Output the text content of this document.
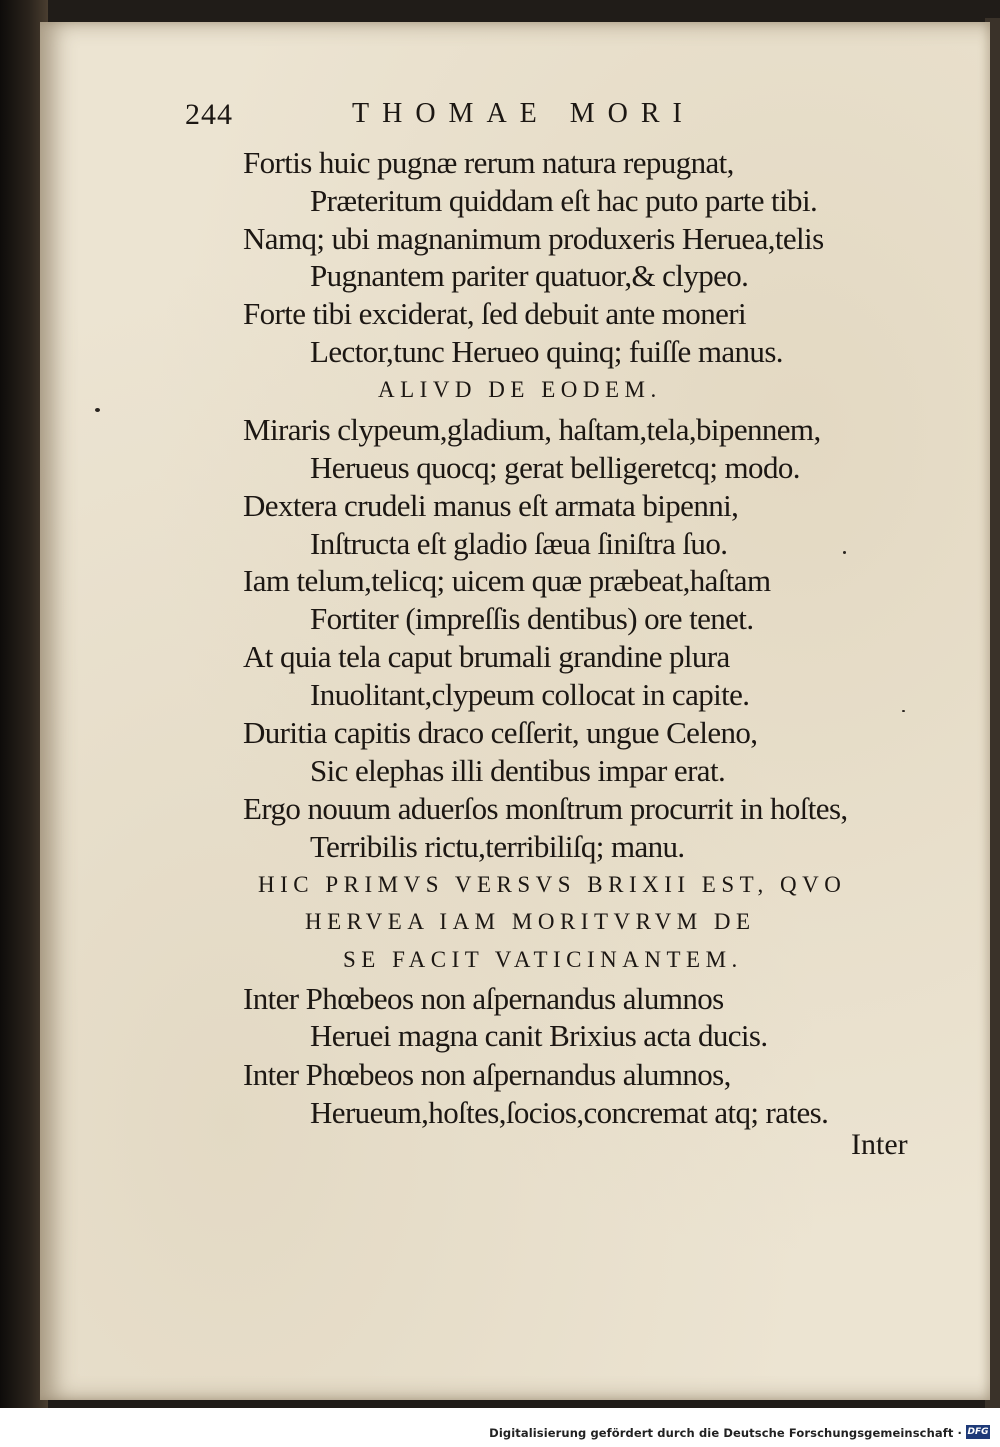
244	THOMAE MORI
Fortis huic pugnæ rerum natura repugnat,
Præteritum quiddam eſt hac puto parte tibi.
Namq; ubi magnanimum produxeris Heruea,telis
Pugnantem pariter quatuor,& clypeo.
Forte tibi exciderat, ſed debuit ante moneri
Lector,tunc Herueo quinq; fuiſſe manus.
ALIVD DE EODEM.
Miraris clypeum,gladium, haſtam,tela,bipennem,
Herueus quocq; gerat belligeretcq; modo.
Dextera crudeli manus eſt armata bipenni,
Inſtructa eſt gladio ſæua ſiniſtra ſuo.
Iam telum,telicq; uicem quæ præbeat,haſtam
Fortiter (impreſſis dentibus) ore tenet.
At quia tela caput brumali grandine plura
Inuolitant,clypeum collocat in capite.
Duritia capitis draco ceſſerit, ungue Celeno,
Sic elephas illi dentibus impar erat.
Ergo nouum aduerſos monſtrum procurrit in hoſtes,
Terribilis rictu,terribiliſq; manu.
HIC PRIMVS VERSVS BRIXII EST, QVO
HERVEA IAM MORITVRVM DE
SE FACIT VATICINANTEM.
Inter Phœbeos non aſpernandus alumnos
Heruei magna canit Brixius acta ducis.
Inter Phœbeos non aſpernandus alumnos,
Herueum,hoſtes,ſocios,concremat atq; rates.
Inter
Digitalisierung gefördert durch die Deutsche Forschungsgemeinschaft · DFG
